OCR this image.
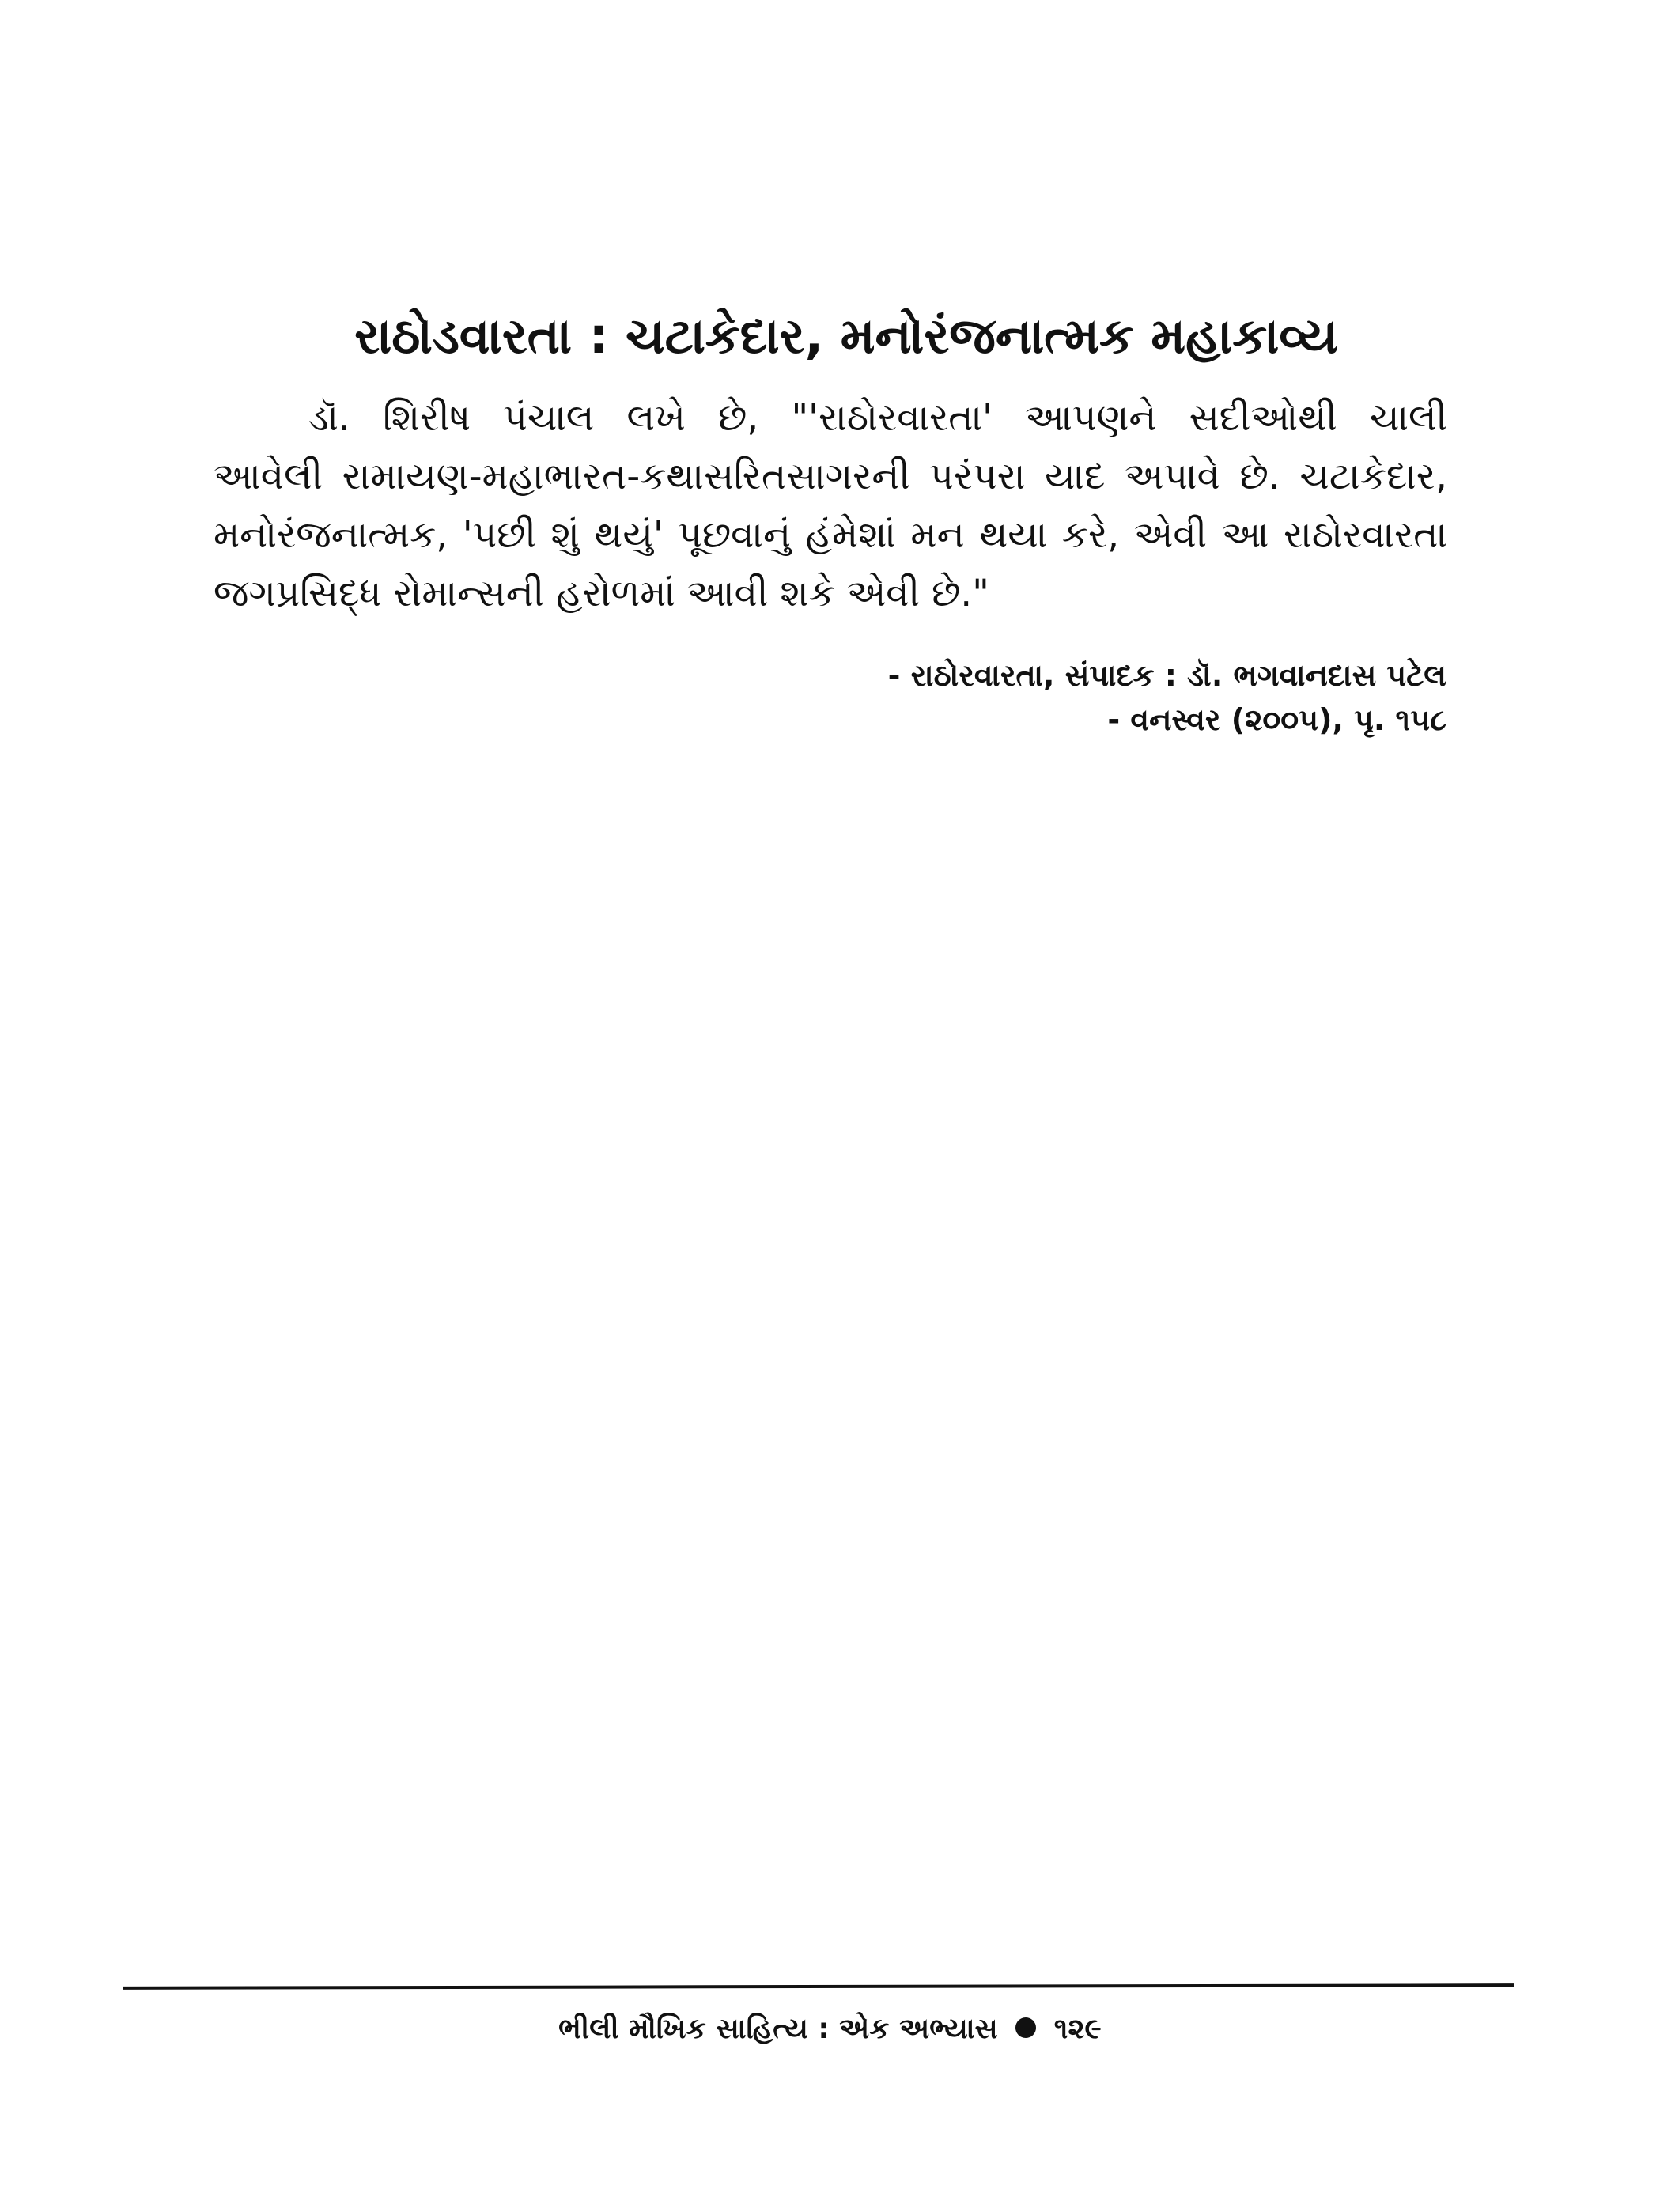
રાઠોડવારતા : ચટાકેદાર, મનોરંજનાત્મક મહાકાવ્ય
ડૉ. શિરીષ પંચાલ લખે છે, "'રાઠોરવારતા' આપણને સદીઓથી ચાલી
આવેલી રામાયણ-મહાભારત-કથાસરિતસાગરની પરંપરા યાદ અપાવે છે. ચટાકેદાર,
મનોરંજનાત્મક, 'પછી શું થયું' પૂછવાનું હંમેશાં મન થયા કરે, એવી આ રાઠોરવારતા
જગપ્રસિદ્ધ રોમાન્સની હરોળમાં આવી શકે એવી છે."
- રાઠોરવારતા, સંપાદક : ડૉ. ભગવાનદાસ પટેલ
- વનસ્વર (૨૦૦૫), પૃ. ૧૫૮
ભીલી મૌખિક સાહિત્ય : એક અભ્યાસ ૧૨૯
